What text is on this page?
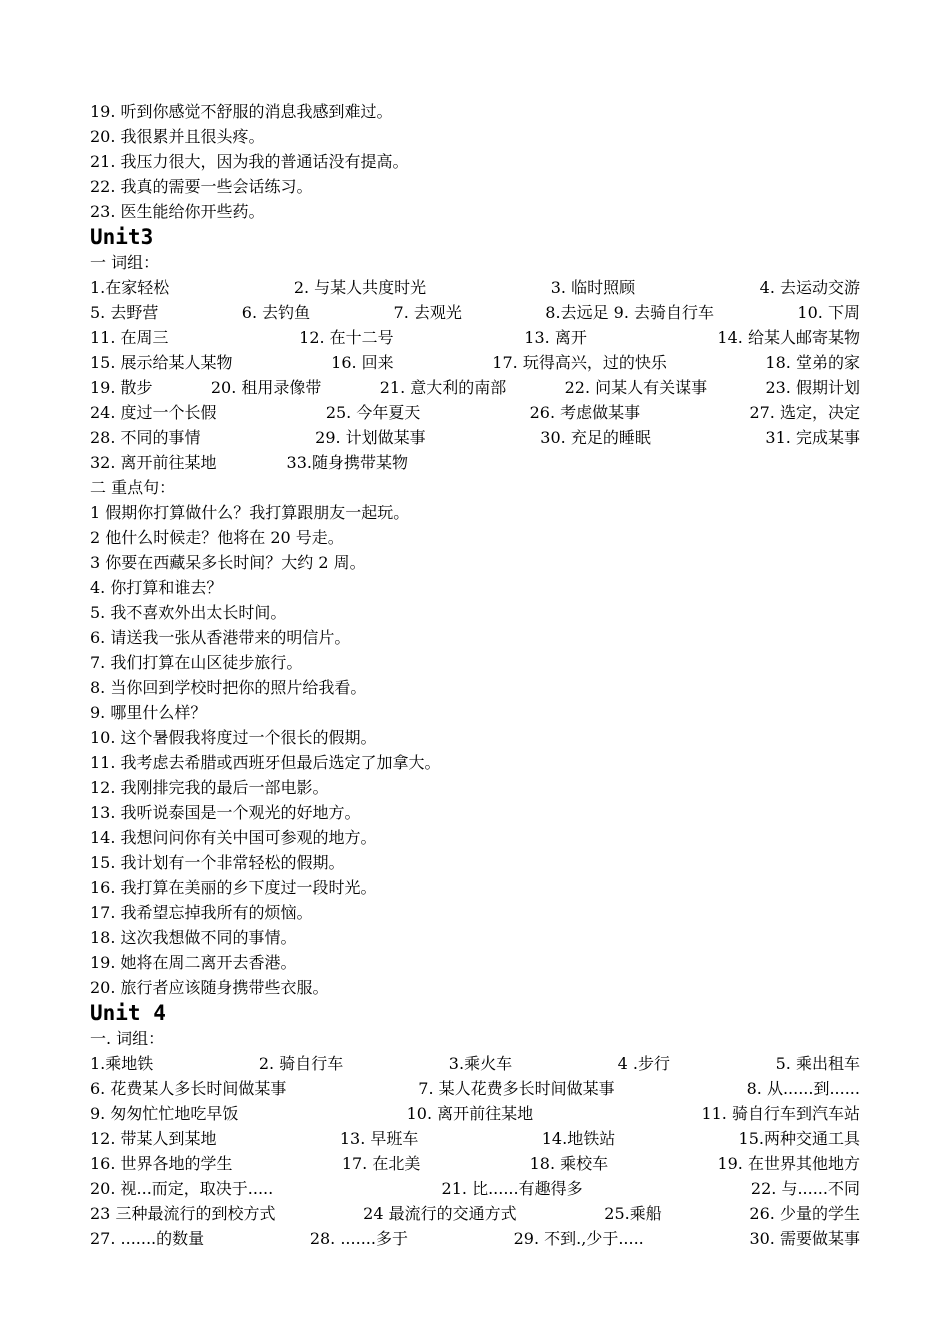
19. 听到你感觉不舒服的消息我感到难过。
20. 我很累并且很头疼。
21. 我压力很大，因为我的普通话没有提高。
22. 我真的需要一些会话练习。
23. 医生能给你开些药。
Unit3
一 词组：
1.在家轻松	2. 与某人共度时光	3. 临时照顾	4. 去运动交游
5. 去野营	6. 去钓鱼	7. 去观光	8.去远足 9. 去骑自行车	10. 下周
11. 在周三	12. 在十二号	13. 离开	14. 给某人邮寄某物
15. 展示给某人某物	16. 回来	17. 玩得高兴，过的快乐	18. 堂弟的家
19. 散步	20. 租用录像带	21. 意大利的南部	22. 问某人有关谋事	23. 假期计划
24. 度过一个长假	25. 今年夏天	26. 考虑做某事	27. 选定，决定
28. 不同的事情	29. 计划做某事	30. 充足的睡眠	31. 完成某事
32. 离开前往某地	33.随身携带某物
二 重点句：
1 假期你打算做什么？我打算跟朋友一起玩。
2 他什么时候走？他将在 20 号走。
3 你要在西藏呆多长时间？大约 2 周。
4. 你打算和谁去？
5. 我不喜欢外出太长时间。
6. 请送我一张从香港带来的明信片。
7. 我们打算在山区徒步旅行。
8. 当你回到学校时把你的照片给我看。
9. 哪里什么样？
10. 这个暑假我将度过一个很长的假期。
11. 我考虑去希腊或西班牙但最后选定了加拿大。
12. 我刚排完我的最后一部电影。
13. 我听说泰国是一个观光的好地方。
14. 我想问问你有关中国可参观的地方。
15. 我计划有一个非常轻松的假期。
16. 我打算在美丽的乡下度过一段时光。
17. 我希望忘掉我所有的烦恼。
18. 这次我想做不同的事情。
19. 她将在周二离开去香港。
20. 旅行者应该随身携带些衣服。
Unit 4
一. 词组：
1.乘地铁	2. 骑自行车	3.乘火车	4 .步行	5. 乘出租车
6. 花费某人多长时间做某事	7. 某人花费多长时间做某事	8. 从......到......
9. 匆匆忙忙地吃早饭	10. 离开前往某地	11. 骑自行车到汽车站
12. 带某人到某地	13. 早班车	14.地铁站	15.两种交通工具
16. 世界各地的学生	17. 在北美	18. 乘校车	19. 在世界其他地方
20. 视...而定，取决于.....	21. 比......有趣得多	22. 与......不同
23 三种最流行的到校方式	24 最流行的交通方式	25.乘船	26. 少量的学生
27. .......的数量	28. .......多于	29. 不到.,少于.....	30. 需要做某事
